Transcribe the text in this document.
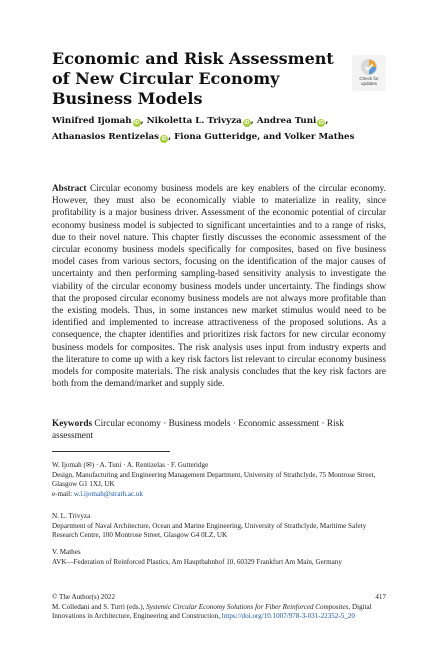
Economic and Risk Assessment of New Circular Economy Business Models
Check for
updates
Winifred Ijomah iD , Nikoletta L. Trivyza iD , Andrea Tuni iD ,
Athanasios Rentizelas iD , Fiona Gutteridge, and Volker Mathes
Abstract Circular economy business models are key enablers of the circular economy. However, they must also be economically viable to materialize in reality, since profitability is a major business driver. Assessment of the economic potential of circular economy business model is subjected to significant uncertainties and to a range of risks, due to their novel nature. This chapter firstly discusses the economic assessment of the circular economy business models specifically for composites, based on five business model cases from various sectors, focusing on the identification of the major causes of uncertainty and then performing sampling-based sensitivity analysis to investigate the viability of the circular economy business models under uncertainty. The findings show that the proposed circular economy business models are not always more profitable than the existing models. Thus, in some instances new market stimulus would need to be identified and implemented to increase attractiveness of the proposed solutions. As a consequence, the chapter identifies and prioritizes risk factors for new circular economy business models for composites. The risk analysis uses input from industry experts and the literature to come up with a key risk factors list relevant to circular economy business models for composite materials. The risk analysis concludes that the key risk factors are both from the demand/market and supply side.
Keywords Circular economy · Business models · Economic assessment · Risk assessment
W. Ijomah (✉) · A. Tuni · A. Rentizelas · F. Gutteridge
Design, Manufacturing and Engineering Management Department, University of Strathclyde, 75 Montrose Street, Glasgow G1 1XJ, UK
e-mail: w.l.ijomah@strath.ac.uk
N. L. Trivyza
Department of Naval Architecture, Ocean and Marine Engineering, University of Strathclyde, Maritime Safety Research Centre, 100 Montrose Street, Glasgow G4 0LZ, UK
V. Mathes
AVK—Federation of Reinforced Plastics, Am Hauptbahnhof 10, 60329 Frankfurt Am Main, Germany
417
© The Author(s) 2022
M. Colledani and S. Turri (eds.), Systemic Circular Economy Solutions for Fiber Reinforced Composites, Digital Innovations in Architecture, Engineering and Construction, https://doi.org/10.1007/978-3-031-22352-5_20
